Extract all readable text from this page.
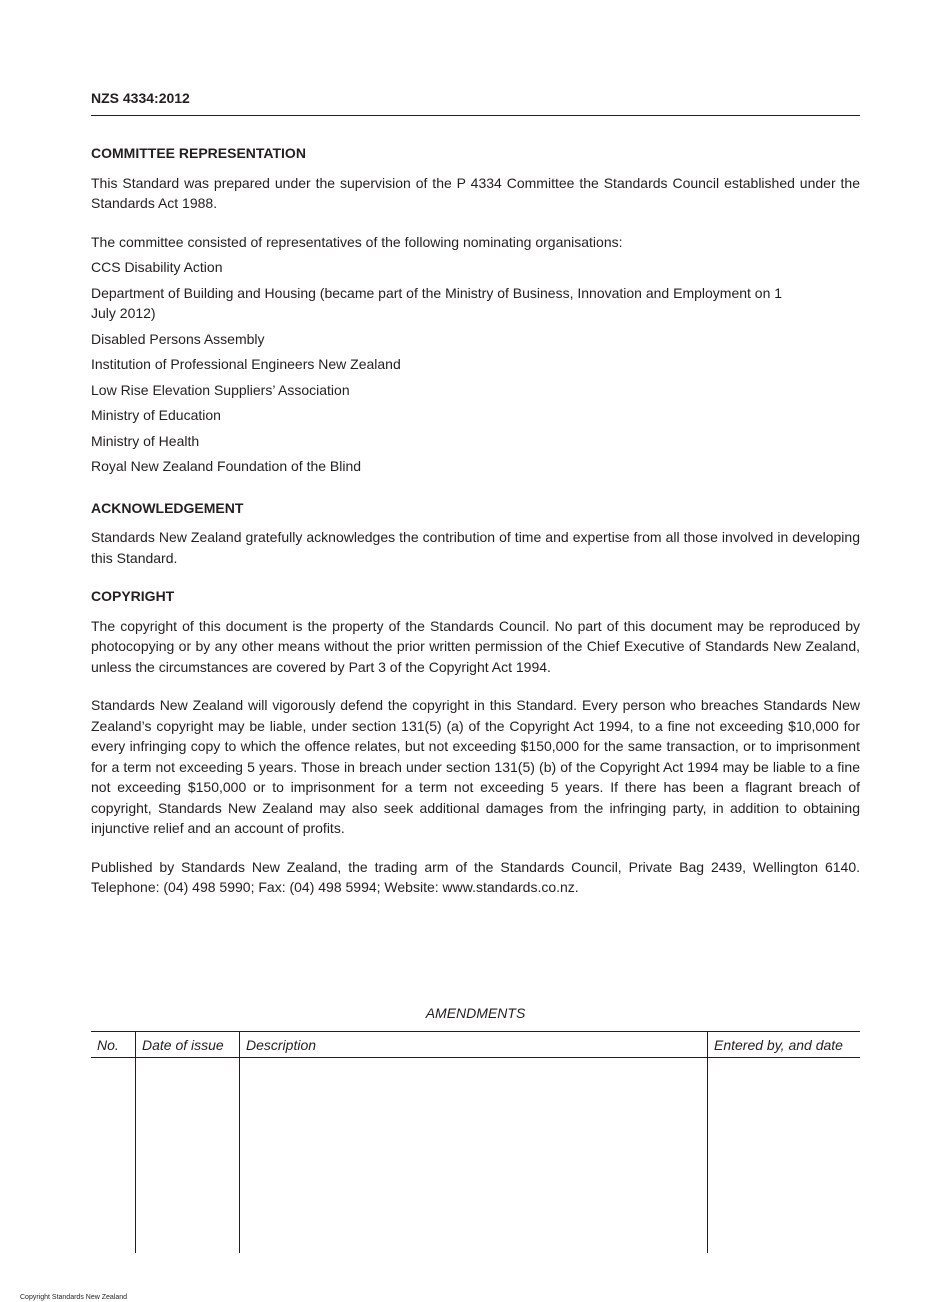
NZS 4334:2012
COMMITTEE REPRESENTATION

This Standard was prepared under the supervision of the P 4334 Committee the Standards Council established under the Standards Act 1988.

The committee consisted of representatives of the following nominating organisations:

CCS Disability Action

Department of Building and Housing (became part of the Ministry of Business, Innovation and Employment on 1 July 2012)

Disabled Persons Assembly

Institution of Professional Engineers New Zealand

Low Rise Elevation Suppliers’ Association

Ministry of Education

Ministry of Health

Royal New Zealand Foundation of the Blind

ACKNOWLEDGEMENT

Standards New Zealand gratefully acknowledges the contribution of time and expertise from all those involved in developing this Standard.

COPYRIGHT

The copyright of this document is the property of the Standards Council. No part of this document may be reproduced by photocopying or by any other means without the prior written permission of the Chief Executive of Standards New Zealand, unless the circumstances are covered by Part 3 of the Copyright Act 1994.

Standards New Zealand will vigorously defend the copyright in this Standard. Every person who breaches Standards New Zealand’s copyright may be liable, under section 131(5) (a) of the Copyright Act 1994, to a fine not exceeding $10,000 for every infringing copy to which the offence relates, but not exceeding $150,000 for the same transaction, or to imprisonment for a term not exceeding 5 years. Those in breach under section 131(5) (b) of the Copyright Act 1994 may be liable to a fine not exceeding $150,000 or to imprisonment for a term not exceeding 5 years. If there has been a flagrant breach of copyright, Standards New Zealand may also seek additional damages from the infringing party, in addition to obtaining injunctive relief and an account of profits.

Published by Standards New Zealand, the trading arm of the Standards Council, Private Bag 2439, Wellington 6140. Telephone: (04) 498 5990; Fax: (04) 498 5994; Website: www.standards.co.nz.

AMENDMENTS
No.	Date of issue	Description	Entered by, and date

Copyright Standards New Zealand
